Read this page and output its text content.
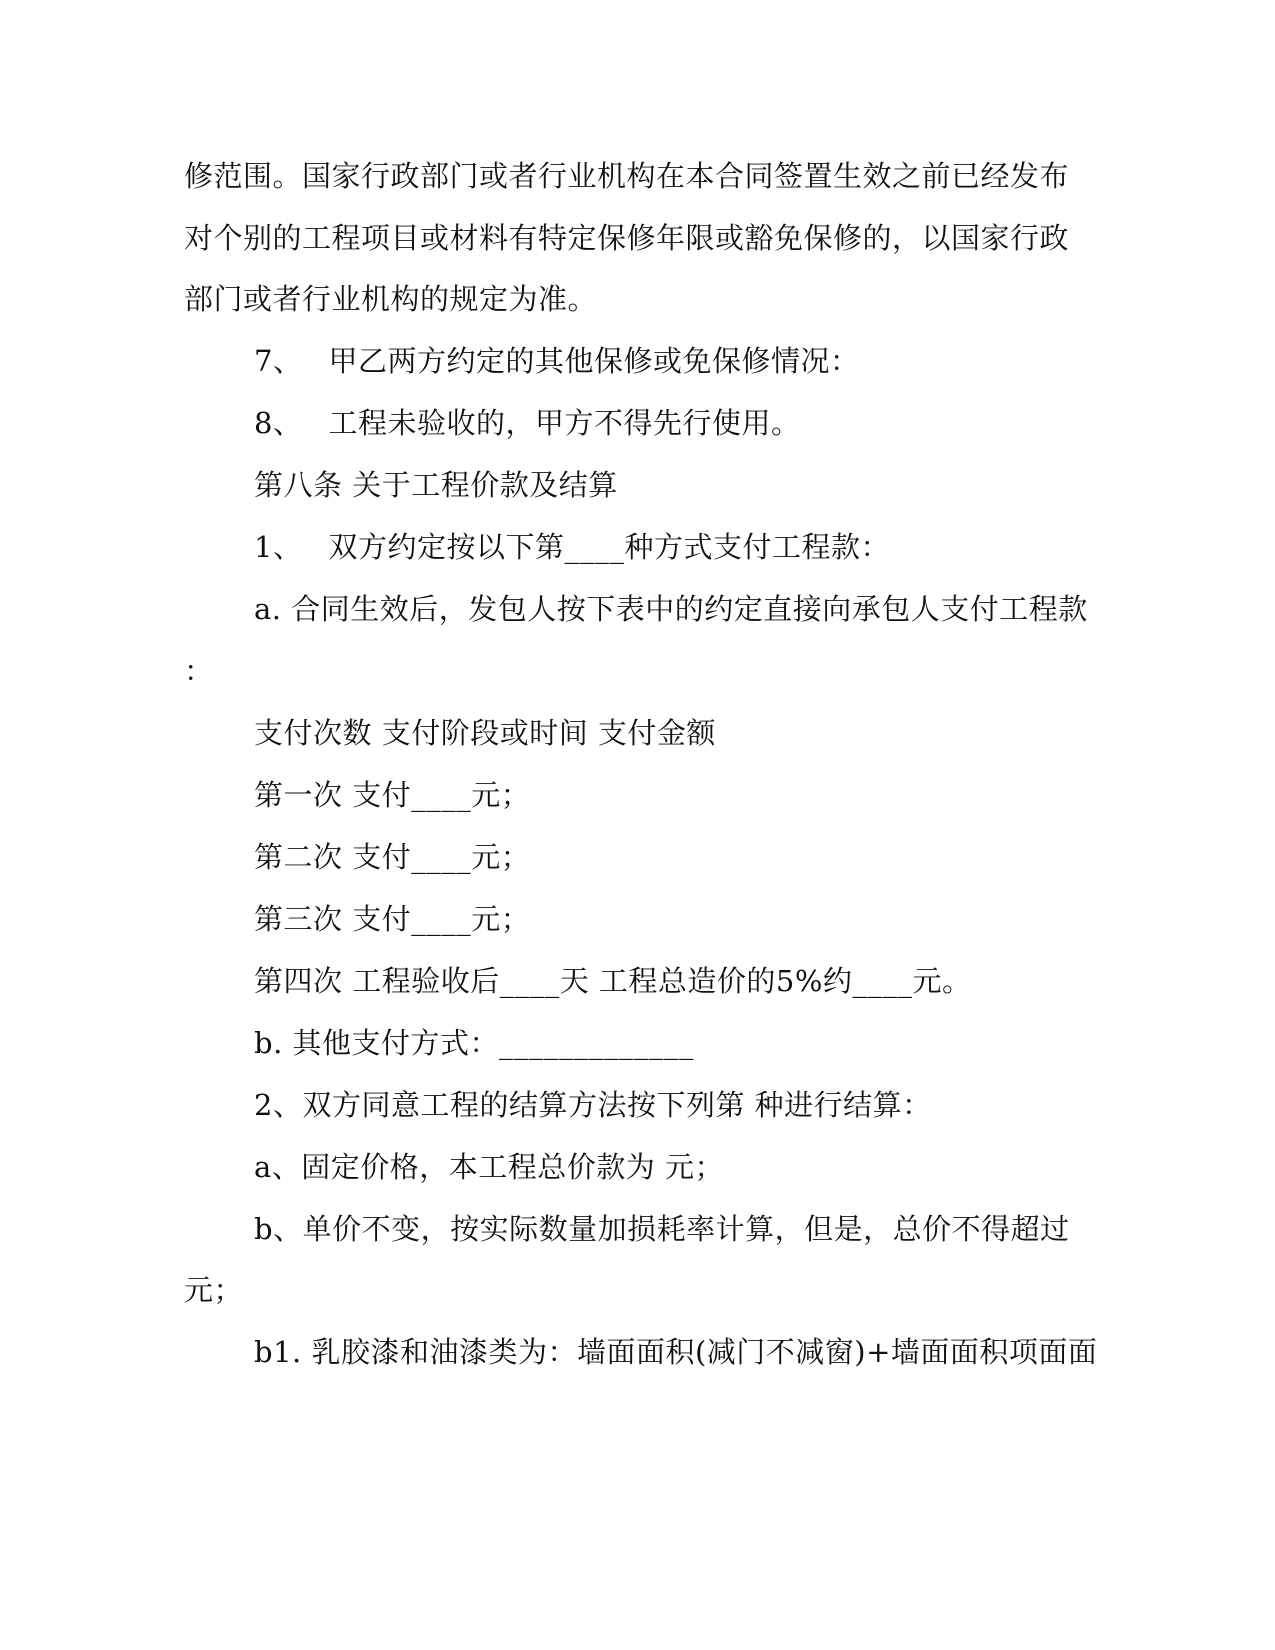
修范围。国家行政部门或者行业机构在本合同签置生效之前已经发布
对个别的工程项目或材料有特定保修年限或豁免保修的，以国家行政
部门或者行业机构的规定为准。
7、 甲乙两方约定的其他保修或免保修情况：
8、 工程未验收的，甲方不得先行使用。
第八条 关于工程价款及结算
1、 双方约定按以下第____种方式支付工程款：
a. 合同生效后，发包人按下表中的约定直接向承包人支付工程款
：
支付次数 支付阶段或时间 支付金额
第一次 支付____元；
第二次 支付____元；
第三次 支付____元；
第四次 工程验收后____天 工程总造价的5%约____元。
b. 其他支付方式：_____________
2、双方同意工程的结算方法按下列第 种进行结算：
a、固定价格，本工程总价款为 元；
b、单价不变，按实际数量加损耗率计算，但是，总价不得超过
元；
b1. 乳胶漆和油漆类为：墙面面积(减门不减窗)+墙面面积项面面
